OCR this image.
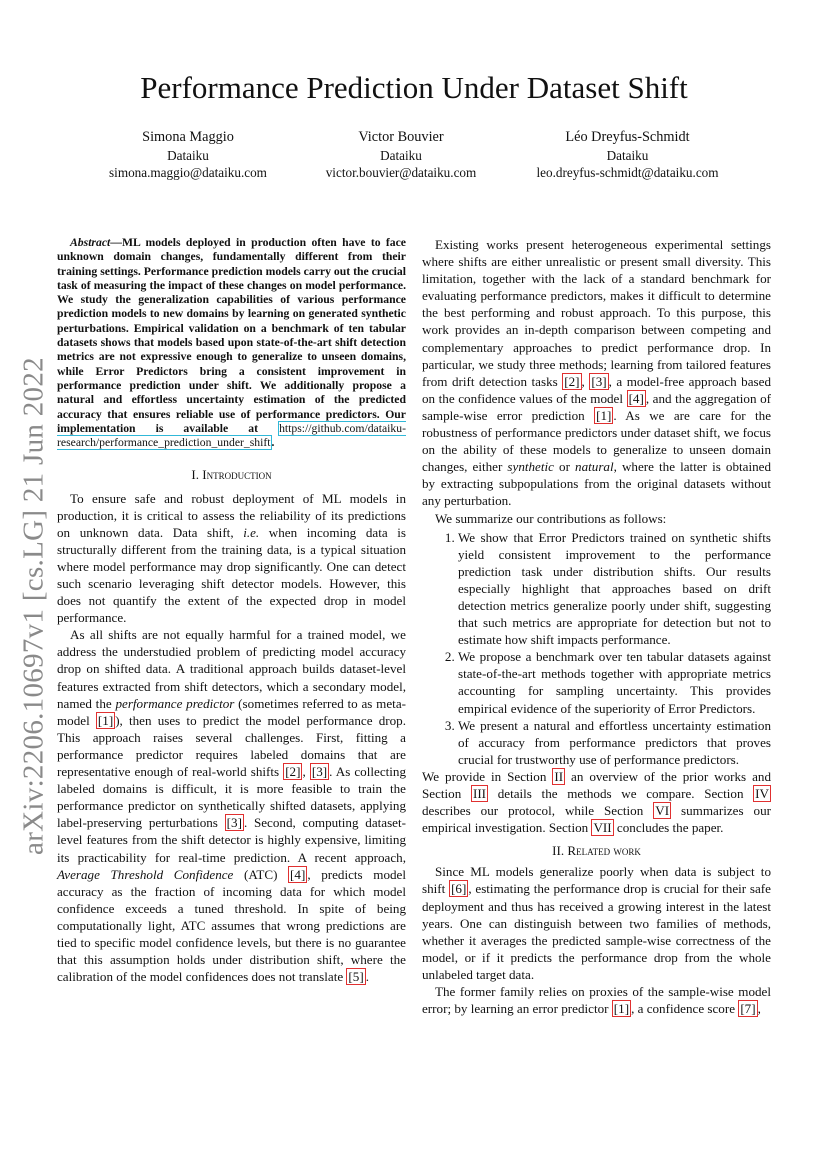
arXiv:2206.10697v1 [cs.LG] 21 Jun 2022
Performance Prediction Under Dataset Shift
Simona Maggio
Dataiku
simona.maggio@dataiku.com
Victor Bouvier
Dataiku
victor.bouvier@dataiku.com
Léo Dreyfus-Schmidt
Dataiku
leo.dreyfus-schmidt@dataiku.com

Abstract—ML models deployed in production often have to face unknown domain changes, fundamentally different from their training settings. Performance prediction models carry out the crucial task of measuring the impact of these changes on model performance. We study the generalization capabilities of various performance prediction models to new domains by learning on generated synthetic perturbations. Empirical validation on a benchmark of ten tabular datasets shows that models based upon state-of-the-art shift detection metrics are not expressive enough to generalize to unseen domains, while Error Predictors bring a consistent improvement in performance prediction under shift. We additionally propose a natural and effortless uncertainty estimation of the predicted accuracy that ensures reliable use of performance predictors. Our implementation is available at https://github.com/dataiku-research/performance_prediction_under_shift.

I. Introduction

To ensure safe and robust deployment of ML models in production, it is critical to assess the reliability of its predictions on unknown data. Data shift, i.e. when incoming data is structurally different from the training data, is a typical situation where model performance may drop significantly. One can detect such scenario leveraging shift detector models. However, this does not quantify the extent of the expected drop in model performance.

As all shifts are not equally harmful for a trained model, we address the understudied problem of predicting model accuracy drop on shifted data. A traditional approach builds dataset-level features extracted from shift detectors, which a secondary model, named the performance predictor (sometimes referred to as meta-model [1] ), then uses to predict the model performance drop. This approach raises several challenges. First, fitting a performance predictor requires labeled domains that are representative enough of real-world shifts [2] , [3] . As collecting labeled domains is difficult, it is more feasible to train the performance predictor on synthetically shifted datasets, applying label-preserving perturbations [3] . Second, computing dataset-level features from the shift detector is highly expensive, limiting its practicability for real-time prediction. A recent approach, Average Threshold Confidence (ATC) [4] , predicts model accuracy as the fraction of incoming data for which model confidence exceeds a tuned threshold. In spite of being computationally light, ATC assumes that wrong predictions are tied to specific model confidence levels, but there is no guarantee that this assumption holds under distribution shift, where the calibration of the model confidences does not translate [5] .

Existing works present heterogeneous experimental settings where shifts are either unrealistic or present small diversity. This limitation, together with the lack of a standard benchmark for evaluating performance predictors, makes it difficult to determine the best performing and robust approach. To this purpose, this work provides an in-depth comparison between competing and complementary approaches to predict performance drop. In particular, we study three methods; learning from tailored features from drift detection tasks [2] , [3] , a model-free approach based on the confidence values of the model [4] , and the aggregation of sample-wise error prediction [1] . As we are care for the robustness of performance predictors under dataset shift, we focus on the ability of these models to generalize to unseen domain changes, either synthetic or natural, where the latter is obtained by extracting subpopulations from the original datasets without any perturbation.

We summarize our contributions as follows:

1. We show that Error Predictors trained on synthetic shifts yield consistent improvement to the performance prediction task under distribution shifts. Our results especially highlight that approaches based on drift detection metrics generalize poorly under shift, suggesting that such metrics are appropriate for detection but not to estimate how shift impacts performance.
2. We propose a benchmark over ten tabular datasets against state-of-the-art methods together with appropriate metrics accounting for sampling uncertainty. This provides empirical evidence of the superiority of Error Predictors.
3. We present a natural and effortless uncertainty estimation of accuracy from performance predictors that proves crucial for trustworthy use of performance predictors.

We provide in Section II an overview of the prior works and Section III details the methods we compare. Section IV describes our protocol, while Section VI summarizes our empirical investigation. Section VII concludes the paper.

II. Related work

Since ML models generalize poorly when data is subject to shift [6] , estimating the performance drop is crucial for their safe deployment and thus has received a growing interest in the latest years. One can distinguish between two families of methods, whether it averages the predicted sample-wise correctness of the model, or if it predicts the performance drop from the whole unlabeled target data.

The former family relies on proxies of the sample-wise model error; by learning an error predictor [1] , a confidence score [7] ,
